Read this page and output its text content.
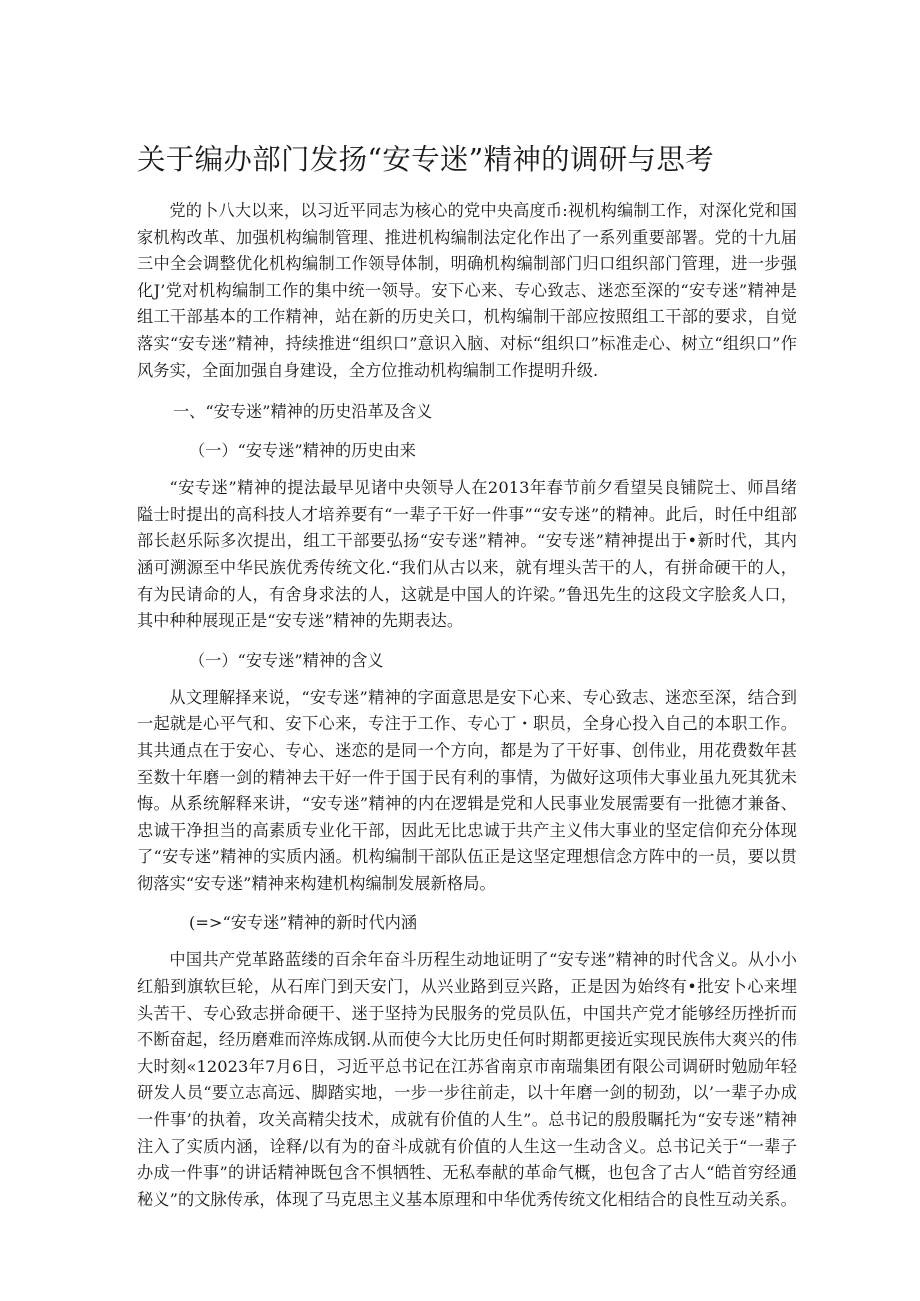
关于编办部门发扬“安专迷”精神的调研与思考

党的卜八大以来，以习近平同志为核心的党中央高度币:视机构编制工作，对深化党和国家机构改革、加强机构编制管理、推进机构编制法定化作出了一系列重要部署。党的十九届三中全会调整优化机构编制工作领导体制，明确机构编制部门归口组织部门管理，进一步强化J’党对机构编制工作的集中统一领导。安下心来、专心致志、迷恋至深的“安专迷”精神是组工干部基本的工作精神，站在新的历史关口，机构编制干部应按照组工干部的要求，自觉落实“安专迷”精神，持续推进“组织口”意识入脑、对标“组织口”标准走心、树立“组织口”作风务实，全面加强自身建设，全方位推动机构编制工作提明升级.

一、“安专迷”精神的历史沿革及含义
（一）“安专迷”精神的历史由来

“安专迷”精神的提法最早见诸中央领导人在2013年春节前夕看望吴良铺院士、师昌绪隘士时提出的高科技人才培养要有“一辈子干好一件事”“安专迷”的精神。此后，时任中组部部长赵乐际多次提出，组工干部要弘扬“安专迷”精神。“安专迷”精神提出于•新时代，其内涵可溯源至中华民族优秀传统文化.“我们从古以来，就有埋头苦干的人，有拼命硬干的人，有为民请命的人，有舍身求法的人，这就是中国人的许梁。”鲁迅先生的这段文字脍炙人口，其中种种展现正是“安专迷”精神的先期表达。

（一）“安专迷”精神的含义

从文理解择来说，“安专迷”精神的字面意思是安下心来、专心致志、迷恋至深，结合到一起就是心平气和、安下心来，专注于工作、专心丁・职员，全身心投入自己的本职工作。其共通点在于安心、专心、迷恋的是同一个方向，都是为了干好事、创伟业，用花费数年甚至数十年磨一剑的精神去干好一件于国于民有利的事情，为做好这项伟大事业虽九死其犹未悔。从系统解释来讲，“安专迷”精神的内在逻辑是党和人民事业发展需要有一批德才兼备、忠诚干净担当的高素质专业化干部，因此无比忠诚于共产主义伟大事业的坚定信仰充分体现了“安专迷”精神的实质内涵。机构编制干部队伍正是这坚定理想信念方阵中的一员，要以贯彻落实“安专迷”精神来构建机构编制发展新格局。

(=>“安专迷”精神的新时代内涵

中国共产党革路蓝缕的百余年奋斗历程生动地证明了“安专迷”精神的时代含义。从小小红船到旗软巨轮，从石库门到天安门，从兴业路到豆兴路，正是因为始终有•批安卜心来埋头苦干、专心致志拼命硬干、迷于坚持为民服务的党员队伍，中国共产党才能够经历挫折而不断奋起，经历磨难而淬炼成钢.从而使今大比历史任何时期都更接近实现民族伟大爽兴的伟大时刻«12023年7月6日，习近平总书记在江苏省南京市南瑞集团有限公司调研时勉励年轻研发人员“要立志高远、脚踏实地，一步一步往前走，以十年磨一剑的韧劲，以’一辈子办成一件事’的执着，攻关高精尖技术，成就有价值的人生”。总书记的殷殷瞩托为“安专迷”精神注入了实质内涵，诠释/以有为的奋斗成就有价值的人生这一生动含义。总书记关于“一辈子办成一件事”的讲话精神既包含不惧牺牲、无私奉献的革命气概，也包含了古人“皓首穷经通秘义”的文脉传承，体现了马克思主义基本原理和中华优秀传统文化相结合的良性互动关系。
